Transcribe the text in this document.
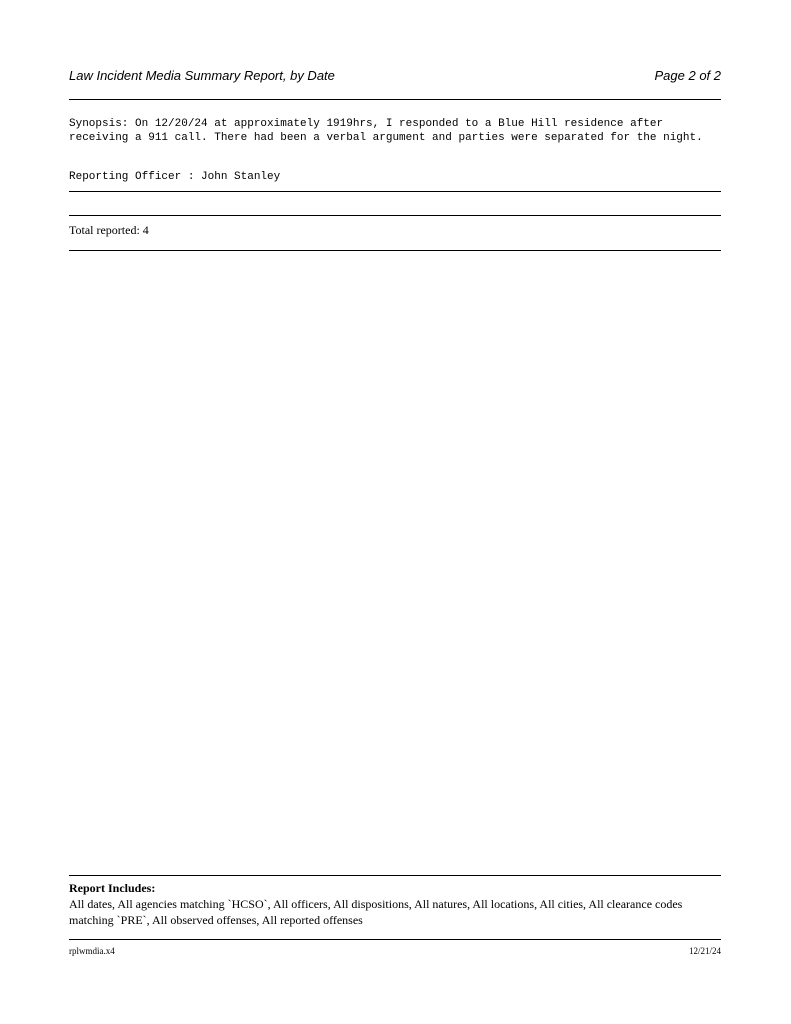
Law Incident Media Summary Report, by Date	Page 2 of 2
Synopsis: On 12/20/24 at approximately 1919hrs, I responded to a Blue Hill residence after receiving a 911 call. There had been a verbal argument and parties were separated for the night.
Reporting Officer : John Stanley
Total reported: 4
Report Includes:
All dates, All agencies matching `HCSO`, All officers, All dispositions, All natures, All locations, All cities, All clearance codes matching `PRE`, All observed offenses, All reported offenses
rplwmdia.x4	12/21/24
